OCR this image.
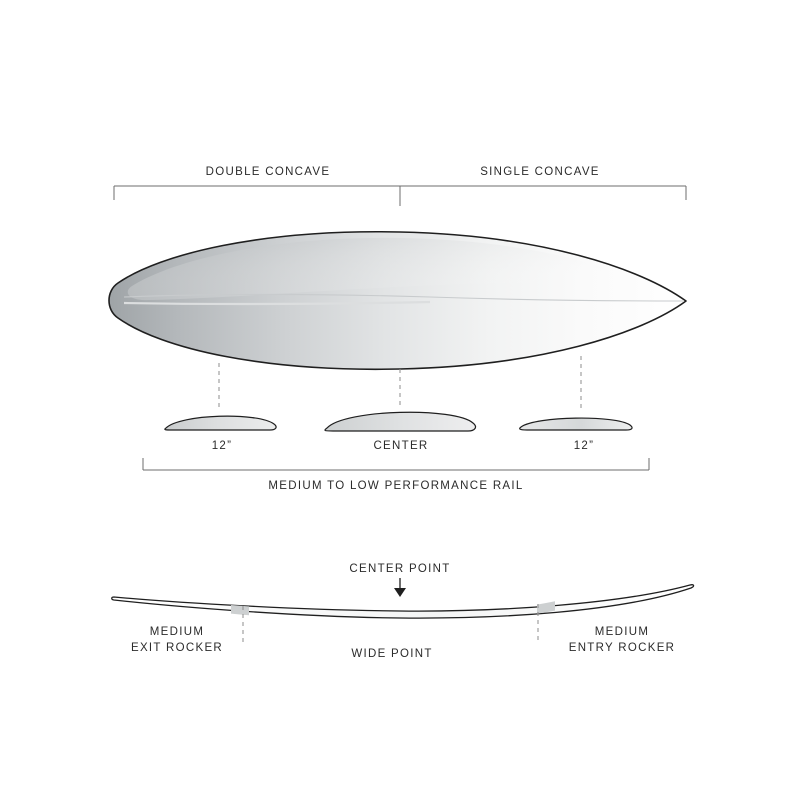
DOUBLE CONCAVE	SINGLE CONCAVE
12”	CENTER	12”
MEDIUM TO LOW PERFORMANCE RAIL
CENTER POINT
MEDIUM
EXIT ROCKER
WIDE POINT
MEDIUM
ENTRY ROCKER
